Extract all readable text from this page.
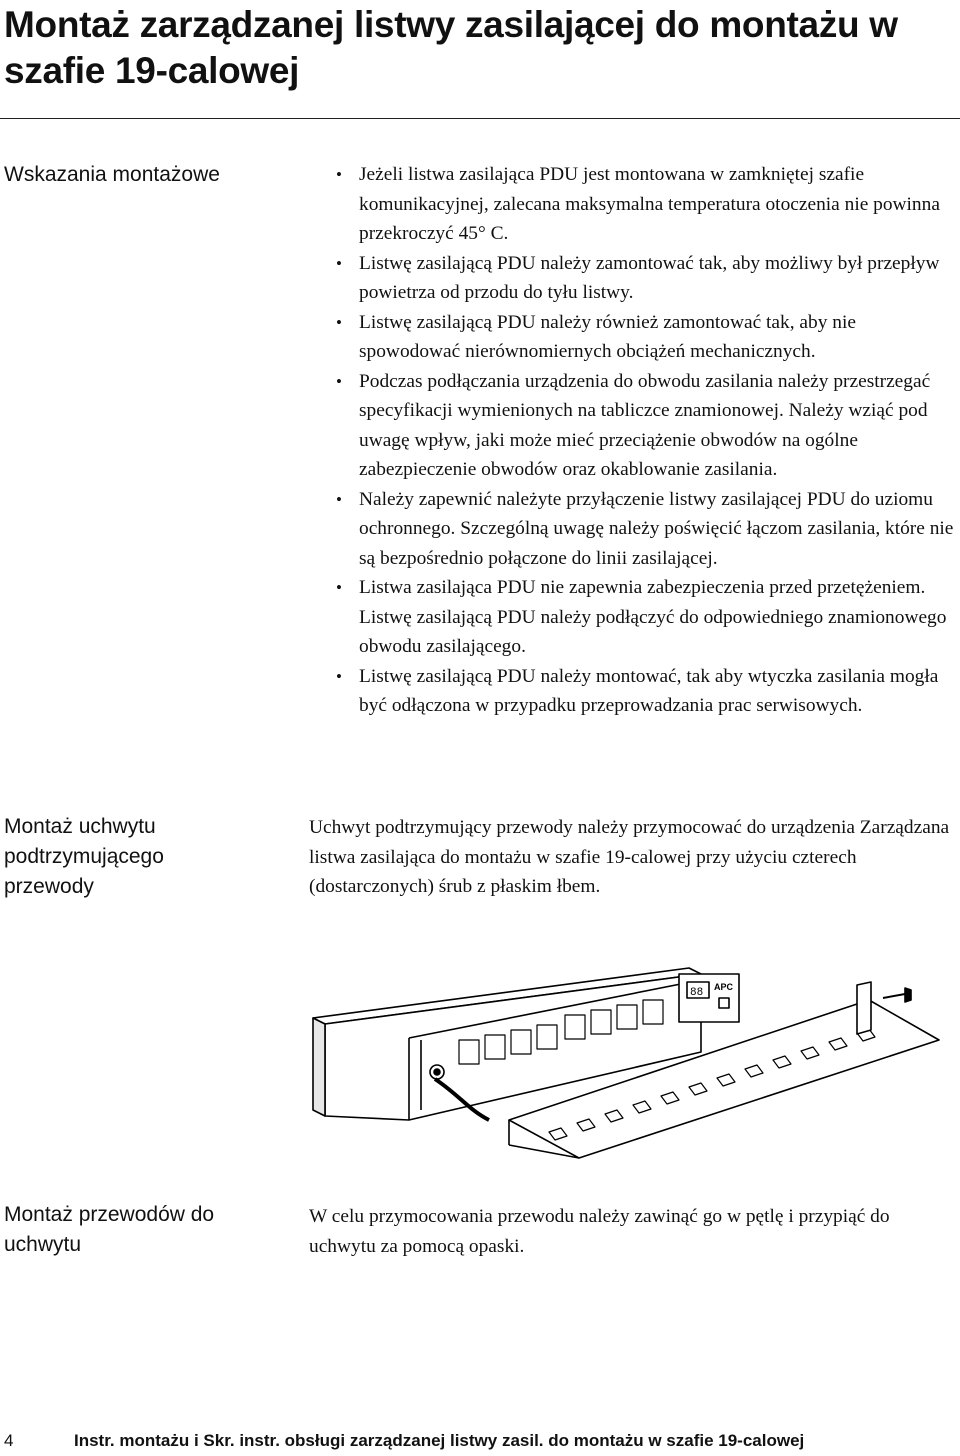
Montaż zarządzanej listwy zasilającej do montażu w szafie 19-calowej
Wskazania montażowe
•	Jeżeli listwa zasilająca PDU jest montowana w zamkniętej szafie komunikacyjnej, zalecana maksymalna temperatura otoczenia nie powinna przekroczyć 45° C.
• Listwę zasilającą PDU należy zamontować tak, aby możliwy był przepływ powietrza od przodu do tyłu listwy.
• Listwę zasilającą PDU należy również zamontować tak, aby nie spowodować nierównomiernych obciążeń mechanicznych.
• Podczas podłączania urządzenia do obwodu zasilania należy przestrzegać specyfikacji wymienionych na tabliczce znamionowej. Należy wziąć pod uwagę wpływ, jaki może mieć przeciążenie obwodów na ogólne zabezpieczenie obwodów oraz okablowanie zasilania.
• Należy zapewnić należyte przyłączenie listwy zasilającej PDU do uziomu ochronnego. Szczególną uwagę należy poświęcić łączom zasilania, które nie są bezpośrednio połączone do linii zasilającej.
• Listwa zasilająca PDU nie zapewnia zabezpieczenia przed przetężeniem. Listwę zasilającą PDU należy podłączyć do odpowiedniego znamionowego obwodu zasilającego.
• Listwę zasilającą PDU należy montować, tak aby wtyczka zasilania mogła być odłączona w przypadku przeprowadzania prac serwisowych.
Montaż uchwytu podtrzymującego przewody

Uchwyt podtrzymujący przewody należy przymocować do urządzenia Zarządzana listwa zasilająca do montażu w szafie 19-calowej przy użyciu czterech (dostarczonych) śrub z płaskim łbem.

APC
88
Montaż przewodów do uchwytu

W celu przymocowania przewodu należy zawinąć go w pętlę i przypiąć do uchwytu za pomocą opaski.

4	Instr. montażu i Skr. instr. obsługi zarządzanej listwy zasil. do montażu w szafie 19-calowej
